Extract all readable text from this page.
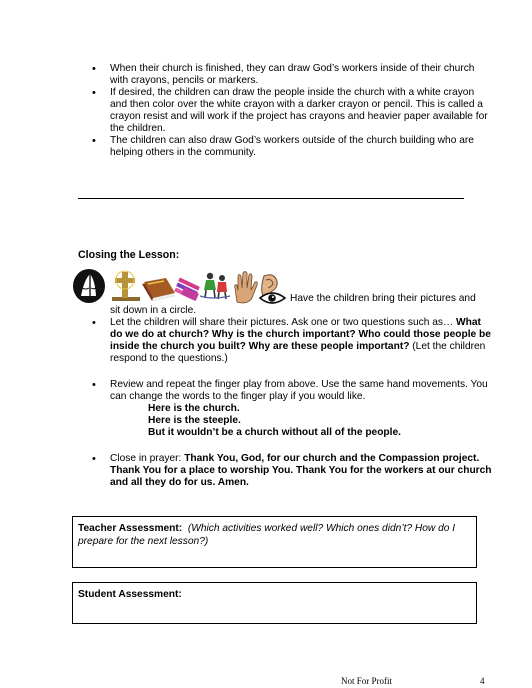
• When their church is finished, they can draw God’s workers inside of their church with crayons, pencils or markers.
• If desired, the children can draw the people inside the church with a white crayon and then color over the white crayon with a darker crayon or pencil. This is called a crayon resist and will work if the project has crayons and heavier paper available for the children.
• The children can also draw God’s workers outside of the church building who are helping others in the community.
Closing the Lesson:
Have the children bring their pictures and
sit down in a circle.
• Let the children will share their pictures. Ask one or two questions such as… What do we do at church? Why is the church important? Who could those people be inside the church you built? Why are these people important? (Let the children respond to the questions.)
• Review and repeat the finger play from above. Use the same hand movements. You can change the words to the finger play if you would like.
Here is the church.
Here is the steeple.
But it wouldn’t be a church without all of the people.
• Close in prayer: Thank You, God, for our church and the Compassion project. Thank You for a place to worship You. Thank You for the workers at our church and all they do for us. Amen.
Teacher Assessment: (Which activities worked well? Which ones didn’t? How do I prepare for the next lesson?)
Student Assessment:
Not For Profit	4
